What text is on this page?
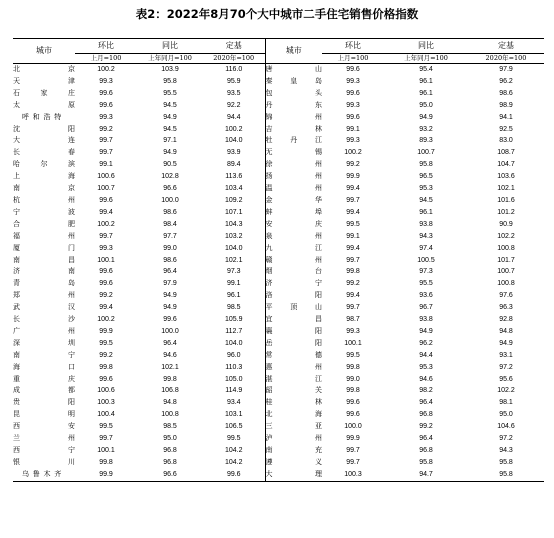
表2：2022年8月70个大中城市二手住宅销售价格指数
城市	环比	同比	定基	城市	环比	同比	定基
	上月=100	上年同月=100	2020年=100		上月=100	上年同月=100	2020年=100
北　京	100.2	103.9	116.0	唐　山	99.6	95.4	97.9
天　津	99.3	95.8	95.9	秦皇岛	99.3	96.1	96.2
石家庄	99.6	95.5	93.5	包　头	99.6	96.1	98.6
太　原	99.6	94.5	92.2	丹　东	99.3	95.0	98.9
呼和浩特	99.3	94.9	94.4	锦　州	99.6	94.9	94.1
沈　阳	99.2	94.5	100.2	吉　林	99.1	93.2	92.5
大　连	99.7	97.1	104.0	牡丹江	99.3	89.3	83.0
长　春	99.7	94.9	93.9	无　锡	100.2	100.7	108.7
哈尔滨	99.1	90.5	89.4	徐　州	99.2	95.8	104.7
上　海	100.6	102.8	113.6	扬　州	99.9	96.5	103.6
南　京	100.7	96.6	103.4	温　州	99.4	95.3	102.1
杭　州	99.6	100.0	109.2	金　华	99.7	94.5	101.6
宁　波	99.4	98.6	107.1	蚌　埠	99.4	96.1	101.2
合　肥	100.2	98.4	104.3	安　庆	99.5	93.8	90.9
福　州	99.7	97.7	103.2	泉　州	99.1	94.3	102.2
厦　门	99.3	99.0	104.0	九　江	99.4	97.4	100.8
南　昌	100.1	98.6	102.1	赣　州	99.7	100.5	101.7
济　南	99.6	96.4	97.3	烟　台	99.8	97.3	100.7
青　岛	99.6	97.9	99.1	济　宁	99.2	95.5	100.8
郑　州	99.2	94.9	96.1	洛　阳	99.4	93.6	97.6
武　汉	99.4	94.9	98.5	平顶山	99.7	96.7	96.3
长　沙	100.2	99.6	105.9	宜　昌	98.7	93.8	92.8
广　州	99.9	100.0	112.7	襄　阳	99.3	94.9	94.8
深　圳	99.5	96.4	104.0	岳　阳	100.1	96.2	94.9
南　宁	99.2	94.6	96.0	常　德	99.5	94.4	93.1
海　口	99.8	102.1	110.3	惠　州	99.8	95.3	97.2
重　庆	99.6	99.8	105.0	湛　江	99.0	94.6	95.6
成　都	100.6	106.8	114.9	韶　关	99.8	98.2	102.2
贵　阳	100.3	94.8	93.4	桂　林	99.6	96.4	98.1
昆　明	100.4	100.8	103.1	北　海	99.6	96.8	95.0
西　安	99.5	98.5	106.5	三　亚	100.0	99.2	104.6
兰　州	99.7	95.0	99.5	泸　州	99.9	96.4	97.2
西　宁	100.1	96.8	104.2	南　充	99.7	96.8	94.3
银　川	99.8	96.8	104.2	遵　义	99.7	95.8	95.8
乌鲁木齐	99.9	96.6	99.6	大　理	100.3	94.7	95.8
